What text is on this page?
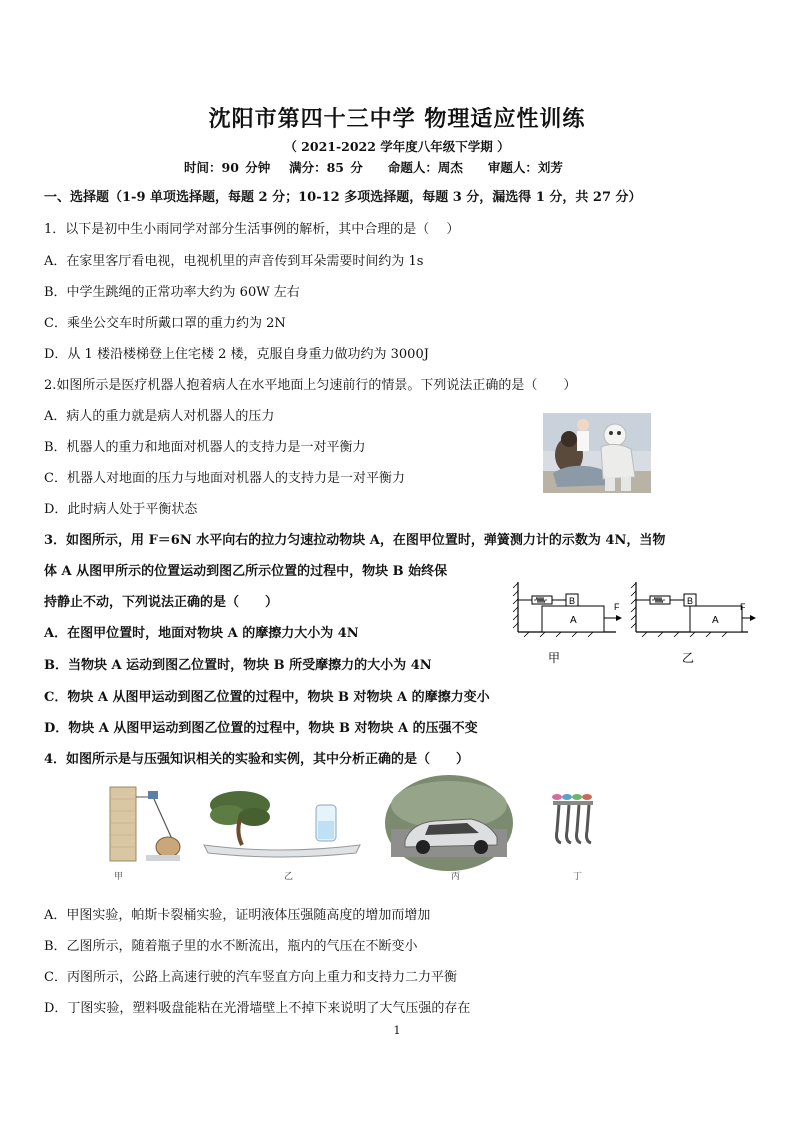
沈阳市第四十三中学 物理适应性训练
（ 2021-2022 学年度八年级下学期 ）
时间：90 分钟　 满分：85 分　　命题人：周杰　　审题人：刘芳
一、选择题（1-9 单项选择题，每题 2 分；10-12 多项选择题，每题 3 分，漏选得 1 分，共 27 分）
1．以下是初中生小雨同学对部分生活事例的解析，其中合理的是（　 ）
A．在家里客厅看电视，电视机里的声音传到耳朵需要时间约为 1s
B．中学生跳绳的正常功率大约为 60W 左右
C．乘坐公交车时所戴口罩的重力约为 2N
D．从 1 楼沿楼梯登上住宅楼 2 楼，克服自身重力做功约为 3000J
2.如图所示是医疗机器人抱着病人在水平地面上匀速前行的情景。下列说法正确的是（　　）
A．病人的重力就是病人对机器人的压力
B．机器人的重力和地面对机器人的支持力是一对平衡力
C．机器人对地面的压力与地面对机器人的支持力是一对平衡力
D．此时病人处于平衡状态
3．如图所示，用 F＝6N 水平向右的拉力匀速拉动物块 A，在图甲位置时，弹簧测力计的示数为 4N，当物
体 A 从图甲所示的位置运动到图乙所示位置的过程中，物块 B 始终保
持静止不动，下列说法正确的是（　　）
A．在图甲位置时，地面对物块 A 的摩擦力大小为 4N
B．当物块 A 运动到图乙位置时，物块 B 所受摩擦力的大小为 4N
C．物块 A 从图甲运动到图乙位置的过程中，物块 B 对物块 A 的摩擦力变小
D．物块 A 从图甲运动到图乙位置的过程中，物块 B 对物块 A 的压强不变
B
A
F
甲
B
A
F
乙
4．如图所示是与压强知识相关的实验和实例，其中分析正确的是（　　）
甲	乙	丙	丁
A．甲图实验，帕斯卡裂桶实验，证明液体压强随高度的增加而增加
B．乙图所示，随着瓶子里的水不断流出，瓶内的气压在不断变小
C．丙图所示，公路上高速行驶的汽车竖直方向上重力和支持力二力平衡
D．丁图实验，塑料吸盘能粘在光滑墙壁上不掉下来说明了大气压强的存在
1
